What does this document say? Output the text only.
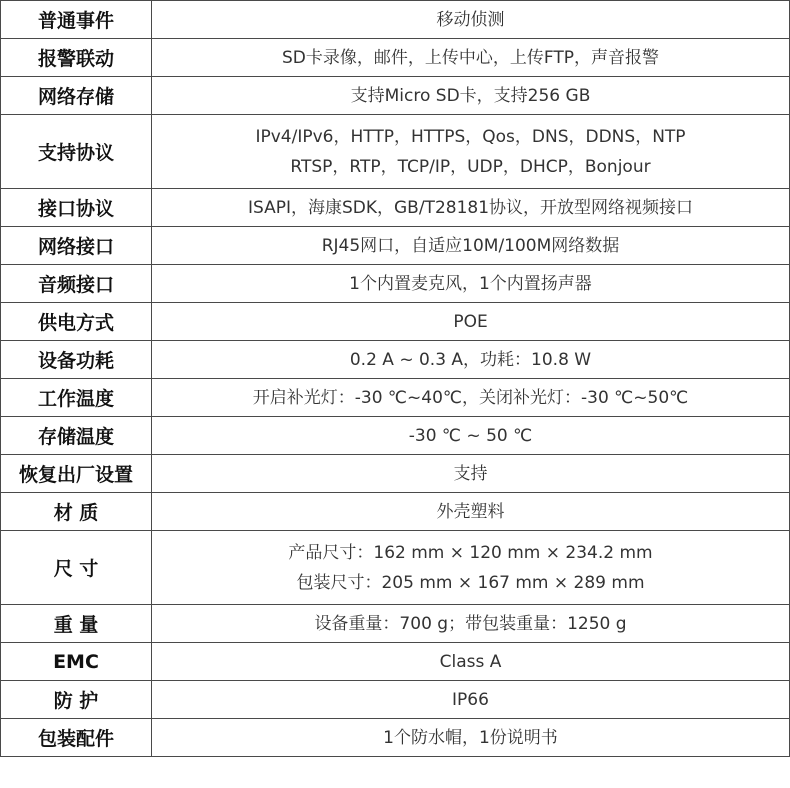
普通事件	移动侦测

报警联动	SD卡录像，邮件，上传中心，上传FTP，声音报警

网络存储	支持Micro SD卡，支持256 GB

支持协议	IPv4/IPv6，HTTP，HTTPS，Qos，DNS，DDNS，NTP
RTSP，RTP，TCP/IP，UDP，DHCP，Bonjour

接口协议	ISAPI，海康SDK，GB/T28181协议，开放型网络视频接口

网络接口	RJ45网口，自适应10M/100M网络数据

音频接口	1个内置麦克风，1个内置扬声器

供电方式	POE

设备功耗	0.2 A ~ 0.3 A，功耗：10.8 W

工作温度	开启补光灯：-30 ℃~40℃，关闭补光灯：-30 ℃~50℃

存储温度	-30 ℃ ~ 50 ℃

恢复出厂设置	支持

材 质	外壳塑料

尺 寸	产品尺寸：162 mm × 120 mm × 234.2 mm
包装尺寸：205 mm × 167 mm × 289 mm

重 量	设备重量：700 g；带包装重量：1250 g

EMC	Class A

防 护	IP66

包装配件	1个防水帽，1份说明书
